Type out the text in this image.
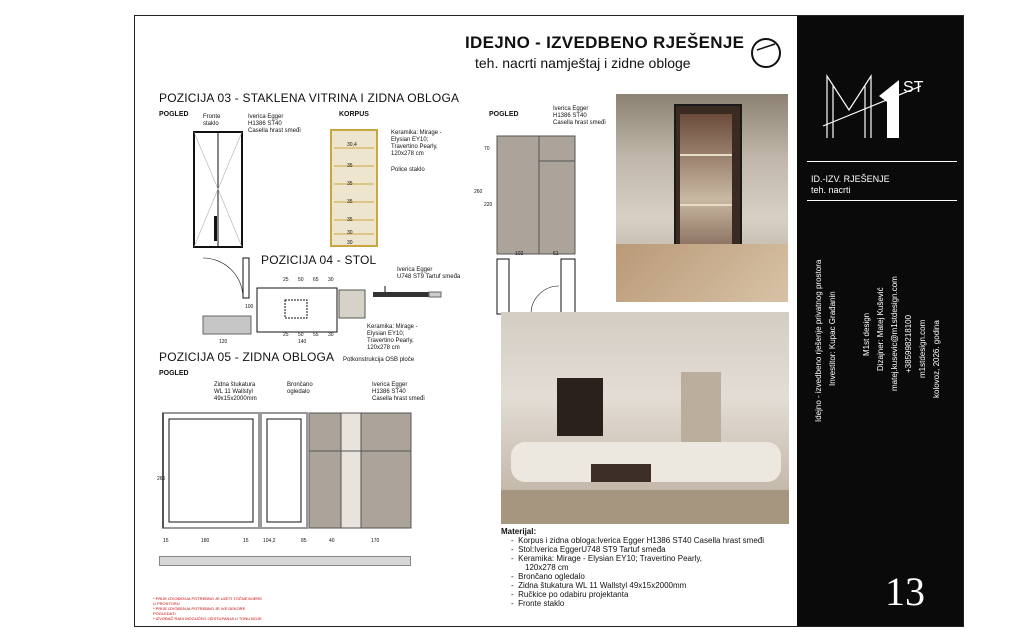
IDEJNO - IZVEDBENO RJEŠENJE
teh. nacrti namještaj i zidne obloge
POZICIJA 03 - STAKLENA VITRINA I ZIDNA OBLOGA
POGLED	KORPUS	POGLED
Fronte
staklo
Iverica Egger
H1386 ST40
Casella hrast smeđi	Keramika: Mirage -
Elysian EY10;
Travertino Pearly,
120x278 cm
Police staklo
Iverica Egger
H1386 ST40
Casella hrast smeđi
30,4
35
35
35
35
30
30
70
260
220
102	61
POZICIJA 04 - STOL
120
25 50 65 30
25 50 55 30
140
100
Iverica Egger
U748 ST9 Tartuf smeđa
Keramika: Mirage -
Elysian EY10;
Travertino Pearly,
120x278 cm
Potkonstrukcija OSB ploče
POZICIJA 05 - ZIDNA OBLOGA
POGLED
Zidna štukatura
WL 11 Wallstyl
49x15x2000mm
Brončano
ogledalo
Iverica Egger
H1386 ST40
Casella hrast smeđi
266
15	180	15	104,2	85	40	170
* PRIJE IZVOĐENJA POTREBNO JE UZETI TOČNE MJERE
U PROSTORU
* PRIJE IZVOĐENJA POTREBNO JE IVE DEKORE
POGLEDATI
* IZVOĐAČ RADI MOGUĆEG ODSTUPANJA U TONU BOJE
Materijal:
-  Korpus i zidna obloga:Iverica Egger H1386 ST40 Casella hrast smeđi
-  Stol:Iverica EggerU748 ST9 Tartuf smeđa
-  Keramika: Mirage - Elysian EY10; Travertino Pearly,
120x278 cm
-  Brončano ogledalo
-  Zidna štukatura WL 11 Wallstyl 49x15x2000mm
-  Ručkice po odabiru projektanta
-  Fronte staklo
ST
ID.-IZV. RJEŠENJE
teh. nacrti
Idejno - izvedbeno rješenje privatnog prostora Investitor: Kupac Građanin	M1st design Dizajner: Matej Kušević matej.kusevic@m1stdesign.com +385998218100 m1stdesign.com kolovoz, 2026. godina
13
